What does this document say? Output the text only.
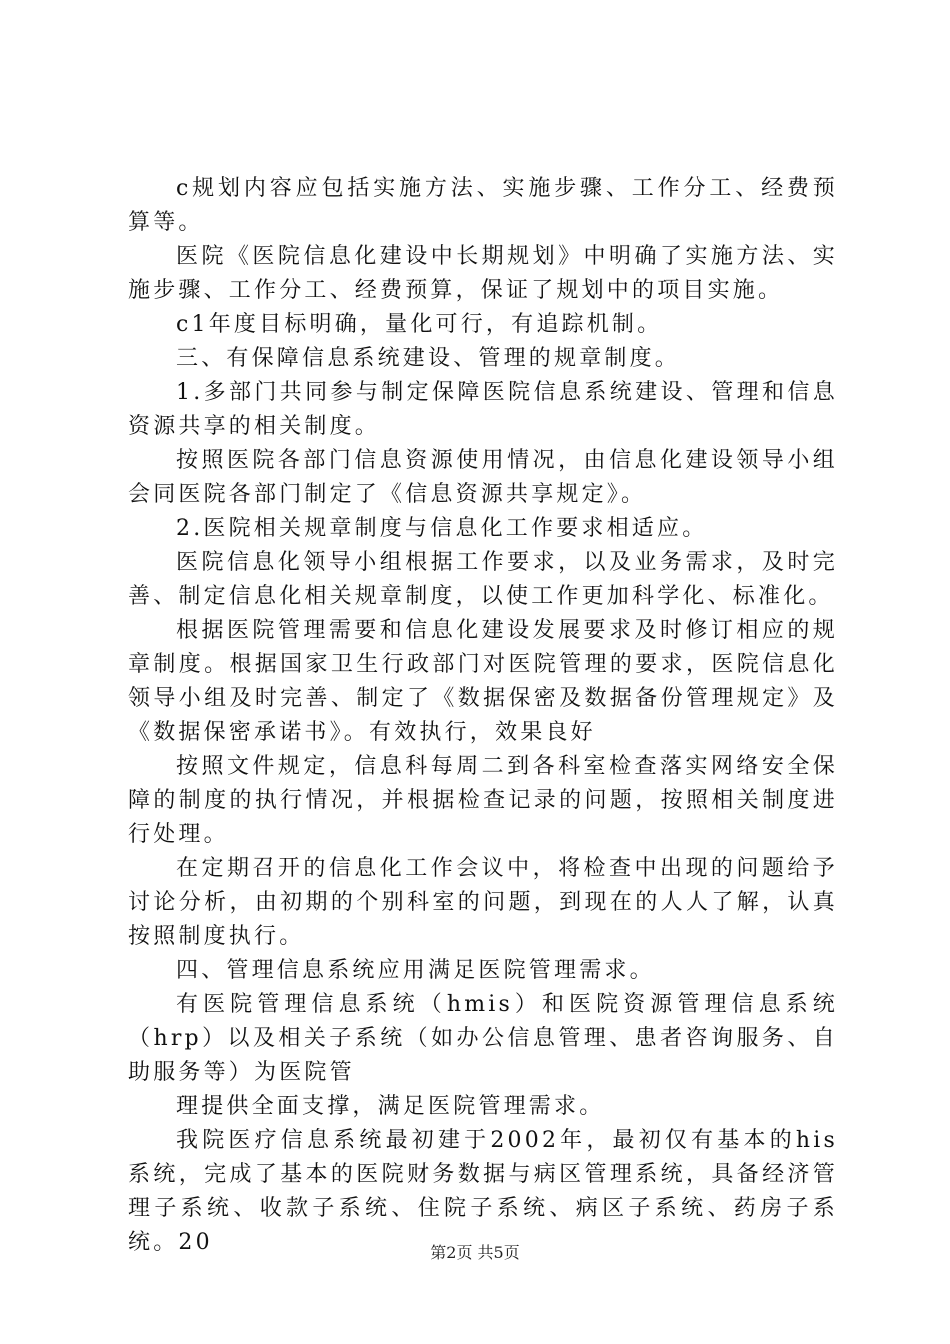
c规划内容应包括实施方法、实施步骤、工作分工、经费预算等。

医院《医院信息化建设中长期规划》中明确了实施方法、实施步骤、工作分工、经费预算，保证了规划中的项目实施。

c1年度目标明确，量化可行，有追踪机制。

三、有保障信息系统建设、管理的规章制度。

1.多部门共同参与制定保障医院信息系统建设、管理和信息资源共享的相关制度。

按照医院各部门信息资源使用情况，由信息化建设领导小组会同医院各部门制定了《信息资源共享规定》。

2.医院相关规章制度与信息化工作要求相适应。

医院信息化领导小组根据工作要求，以及业务需求，及时完善、制定信息化相关规章制度，以使工作更加科学化、标准化。

根据医院管理需要和信息化建设发展要求及时修订相应的规章制度。根据国家卫生行政部门对医院管理的要求，医院信息化领导小组及时完善、制定了《数据保密及数据备份管理规定》及《数据保密承诺书》。有效执行，效果良好

按照文件规定，信息科每周二到各科室检查落实网络安全保障的制度的执行情况，并根据检查记录的问题，按照相关制度进行处理。

在定期召开的信息化工作会议中，将检查中出现的问题给予讨论分析，由初期的个别科室的问题，到现在的人人了解，认真按照制度执行。

四、管理信息系统应用满足医院管理需求。

有医院管理信息系统（hmis）和医院资源管理信息系统（hrp）以及相关子系统（如办公信息管理、患者咨询服务、自助服务等）为医院管

理提供全面支撑，满足医院管理需求。

我院医疗信息系统最初建于2002年，最初仅有基本的his系统，完成了基本的医院财务数据与病区管理系统，具备经济管理子系统、收款子系统、住院子系统、病区子系统、药房子系统。20	第2页 共5页
